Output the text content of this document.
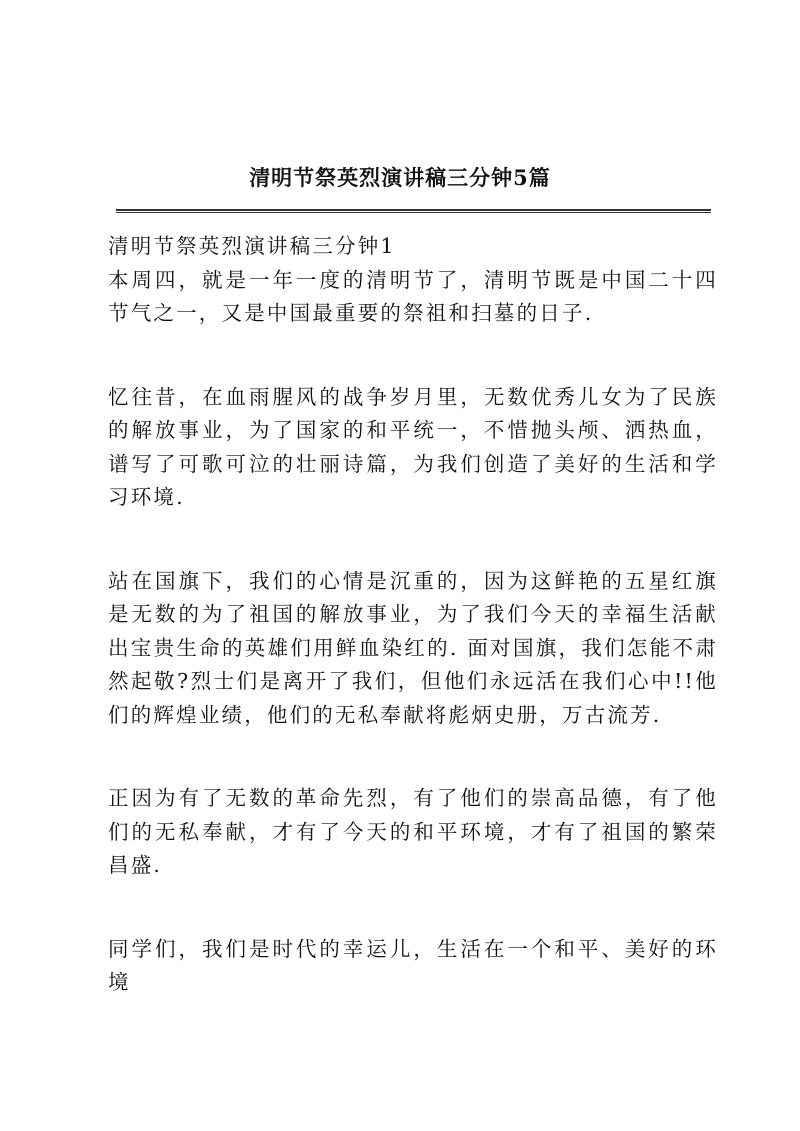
清明节祭英烈演讲稿三分钟5篇

清明节祭英烈演讲稿三分钟1

本周四，就是一年一度的清明节了，清明节既是中国二十四节气之一，又是中国最重要的祭祖和扫墓的日子.

忆往昔，在血雨腥风的战争岁月里，无数优秀儿女为了民族的解放事业，为了国家的和平统一，不惜抛头颅、洒热血，谱写了可歌可泣的壮丽诗篇，为我们创造了美好的生活和学习环境.

站在国旗下，我们的心情是沉重的，因为这鲜艳的五星红旗是无数的为了祖国的解放事业，为了我们今天的幸福生活献出宝贵生命的英雄们用鲜血染红的. 面对国旗，我们怎能不肃然起敬?烈士们是离开了我们，但他们永远活在我们心中!!他们的辉煌业绩，他们的无私奉献将彪炳史册，万古流芳.

正因为有了无数的革命先烈，有了他们的崇高品德，有了他们的无私奉献，才有了今天的和平环境，才有了祖国的繁荣昌盛.

同学们，我们是时代的幸运儿，生活在一个和平、美好的环境
